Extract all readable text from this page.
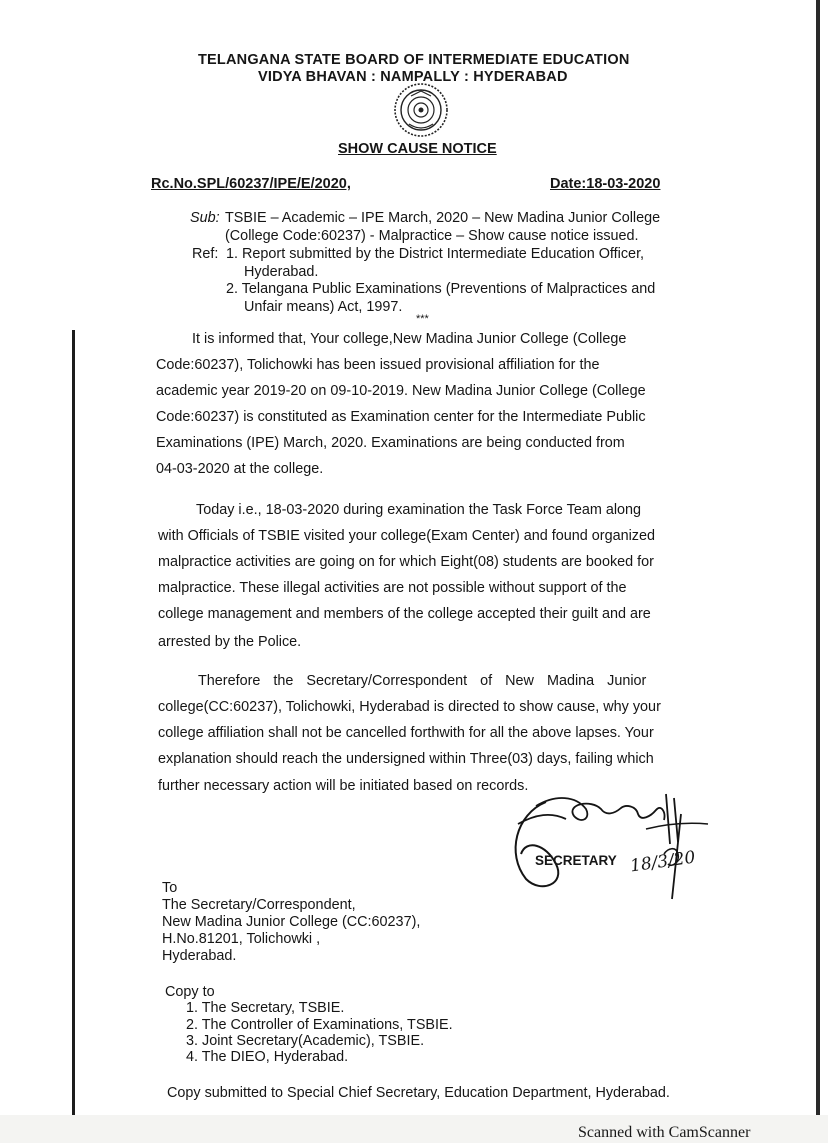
TELANGANA STATE BOARD OF INTERMEDIATE EDUCATION
VIDYA BHAVAN : NAMPALLY : HYDERABAD
SHOW CAUSE NOTICE
Rc.No.SPL/60237/IPE/E/2020,	Date:18-03-2020
Sub: TSBIE – Academic – IPE March, 2020 – New Madina Junior College
(College Code:60237) - Malpractice – Show cause notice issued.
Ref: 1. Report submitted by the District Intermediate Education Officer,
Hyderabad.
2. Telangana Public Examinations (Preventions of Malpractices and
Unfair means) Act, 1997.
***
It is informed that, Your college,New Madina Junior College (College
Code:60237), Tolichowki has been issued provisional affiliation for the
academic year 2019-20 on 09-10-2019. New Madina Junior College (College
Code:60237) is constituted as Examination center for the Intermediate Public
Examinations (IPE) March, 2020. Examinations are being conducted from
04-03-2020 at the college.
Today i.e., 18-03-2020 during examination the Task Force Team along
with Officials of TSBIE visited your college(Exam Center) and found organized
malpractice activities are going on for which Eight(08) students are booked for
malpractice. These illegal activities are not possible without support of the
college management and members of the college accepted their guilt and are
arrested by the Police.
Therefore the Secretary/Correspondent of New Madina Junior
college(CC:60237), Tolichowki, Hyderabad is directed to show cause, why your
college affiliation shall not be cancelled forthwith for all the above lapses. Your
explanation should reach the undersigned within Three(03) days, failing which
further necessary action will be initiated based on records.
SECRETARY 18/3/20
To
The Secretary/Correspondent,
New Madina Junior College (CC:60237),
H.No.81201, Tolichowki ,
Hyderabad.
Copy to
1. The Secretary, TSBIE.
2. The Controller of Examinations, TSBIE.
3. Joint Secretary(Academic), TSBIE.
4. The DIEO, Hyderabad.
Copy submitted to Special Chief Secretary, Education Department, Hyderabad.
Scanned with CamScanner
